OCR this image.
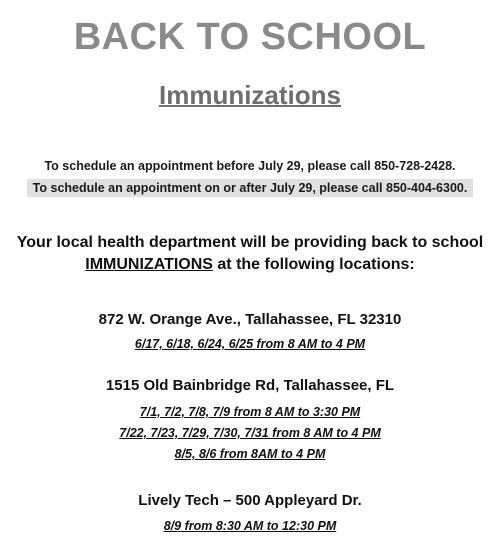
BACK TO SCHOOL
Immunizations
To schedule an appointment before July 29, please call 850-728-2428.
To schedule an appointment on or after July 29, please call 850-404-6300.
Your local health department will be providing back to school
IMMUNIZATIONS at the following locations:
872 W. Orange Ave., Tallahassee, FL 32310
6/17, 6/18, 6/24, 6/25 from 8 AM to 4 PM
1515 Old Bainbridge Rd, Tallahassee, FL
7/1, 7/2, 7/8, 7/9 from 8 AM to 3:30 PM
7/22, 7/23, 7/29, 7/30, 7/31 from 8 AM to 4 PM
8/5, 8/6 from 8AM to 4 PM
Lively Tech – 500 Appleyard Dr.
8/9 from 8:30 AM to 12:30 PM
